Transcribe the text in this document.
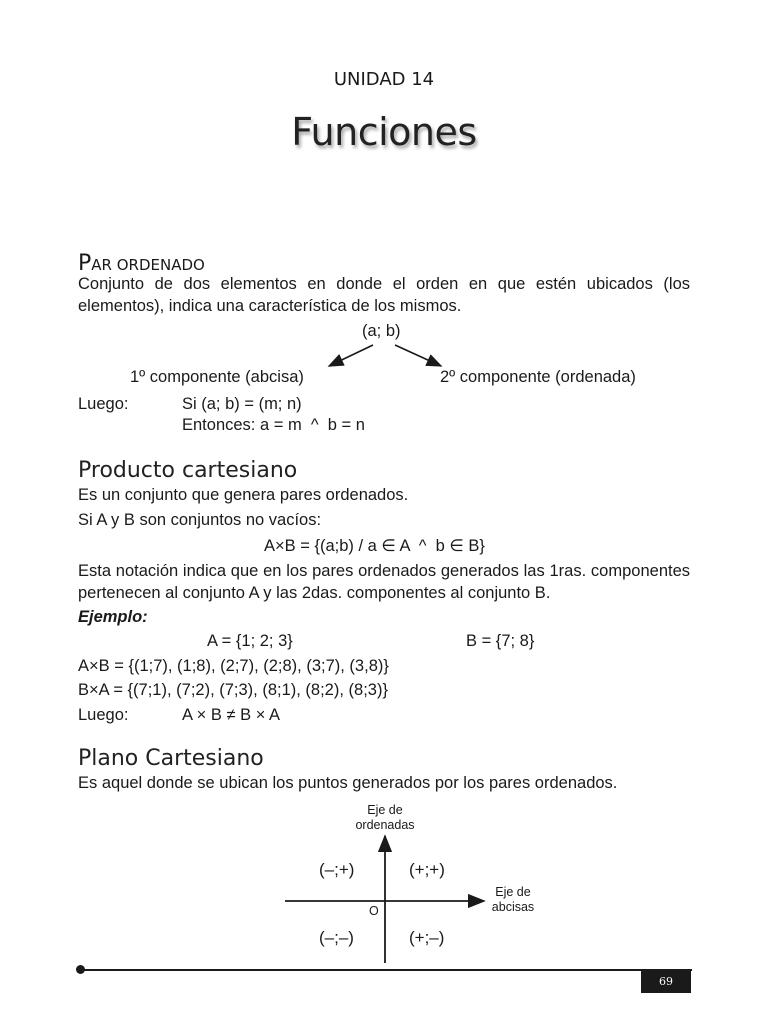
UNIDAD 14
Funciones
PAR ORDENADO
Conjunto de dos elementos en donde el orden en que estén ubicados (los elementos), indica una característica de los mismos.
(a; b)
1º componente (abcisa)	2º componente (ordenada)
Luego:	Si (a; b) = (m; n)
Entonces: a = m  ^  b = n
Producto cartesiano
Es un conjunto que genera pares ordenados.
Si A y B son conjuntos no vacíos:
A×B = {(a;b) / a ∈ A  ^  b ∈ B}
Esta notación indica que en los pares ordenados generados las 1ras. componentes pertenecen al conjunto A y las 2das. componentes al conjunto B.
Ejemplo:
A = {1; 2; 3}	B = {7; 8}
A×B = {(1;7), (1;8), (2;7), (2;8), (3;7), (3,8)}
B×A = {(7;1), (7;2), (7;3), (8;1), (8;2), (8;3)}
Luego:	A × B ≠ B × A
Plano Cartesiano
Es aquel donde se ubican los puntos generados por los pares ordenados.
Eje de
ordenadas
Eje de
abcisas
O
(–;+)	(+;+)
(–;–)	(+;–)
69
